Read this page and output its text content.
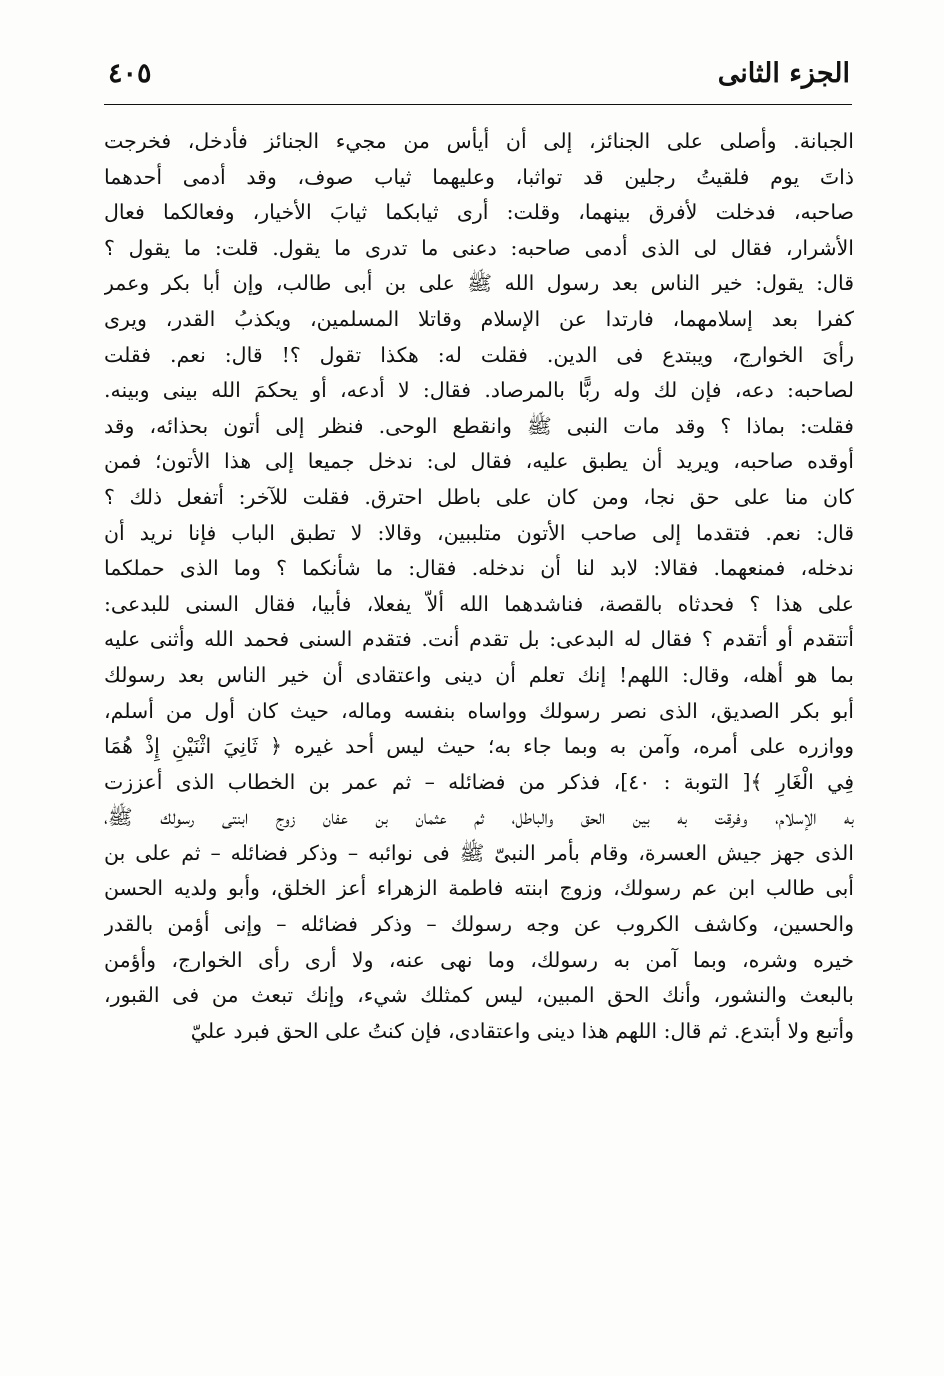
الجزء الثانى
٤٠٥
الجبانة. وأصلى على الجنائز، إلى أن أيأس من مجيء الجنائز فأدخل، فخرجت
ذاتَ يوم فلقيتُ رجلين قد تواثبا، وعليهما ثياب صوف، وقد أدمى أحدهما
صاحبه، فدخلت لأفرق بينهما، وقلت: أرى ثيابكما ثيابَ الأخيار، وفعالكما فعال
الأشرار، فقال لى الذى أدمى صاحبه: دعنى ما تدرى ما يقول. قلت: ما يقول ؟
قال: يقول: خير الناس بعد رسول الله ﷺ على بن أبى طالب، وإن أبا بكر وعمر
كفرا بعد إسلامهما، فارتدا عن الإسلام وقاتلا المسلمين، ويكذبُ القدر، ويرى
رأىَ الخوارج، ويبتدع فى الدين. فقلت له: هكذا تقول ؟! قال: نعم. فقلت
لصاحبه: دعه، فإن لك وله ربًّا بالمرصاد. فقال: لا أدعه، أو يحكمَ الله بينى وبينه.
فقلت: بماذا ؟ وقد مات النبى ﷺ وانقطع الوحى. فنظر إلى أتون بحذائه، وقد
أوقده صاحبه، ويريد أن يطبق عليه، فقال لى: ندخل جميعا إلى هذا الأتون؛ فمن
كان منا على حق نجا، ومن كان على باطل احترق. فقلت للآخر: أتفعل ذلك ؟
قال: نعم. فتقدما إلى صاحب الأتون متلببين، وقالا: لا تطبق الباب فإنا نريد أن
ندخله، فمنعهما. فقالا: لابد لنا أن ندخله. فقال: ما شأنكما ؟ وما الذى حملكما
على هذا ؟ فحدثاه بالقصة، فناشدهما الله ألاّ يفعلا، فأبيا، فقال السنى للبدعى:
أتتقدم أو أتقدم ؟ فقال له البدعى: بل تقدم أنت. فتقدم السنى فحمد الله وأثنى عليه
بما هو أهله، وقال: اللهم! إنك تعلم أن دينى واعتقادى أن خير الناس بعد رسولك
أبو بكر الصديق، الذى نصر رسولك وواساه بنفسه وماله، حيث كان أول من أسلم،
ووازره على أمره، وآمن به وبما جاء به؛ حيث ليس أحد غيره ﴿ ثَانِيَ اثْنَيْنِ إِذْ هُمَا
فِي الْغَارِ ﴾[ التوبة : ٤٠]، فذكر من فضائله – ثم عمر بن الخطاب الذى أعززت
به الإسلام، وفرقت به بين الحق والباطل، ثم عثمان بن عفان زوج ابنتى رسولك ﷺ،
الذى جهز جيش العسرة، وقام بأمر النبىّ ﷺ فى نوائبه – وذكر فضائله – ثم على بن
أبى طالب ابن عم رسولك، وزوج ابنته فاطمة الزهراء أعز الخلق، وأبو ولديه الحسن
والحسين، وكاشف الكروب عن وجه رسولك – وذكر فضائله – وإنى أؤمن بالقدر
خيره وشره، وبما آمن به رسولك، وما نهى عنه، ولا أرى رأى الخوارج، وأؤمن
بالبعث والنشور، وأنك الحق المبين، ليس كمثلك شيء، وإنك تبعث من فى القبور،
وأتبع ولا أبتدع. ثم قال: اللهم هذا دينى واعتقادى، فإن كنتُ على الحق فبرد عليّ
